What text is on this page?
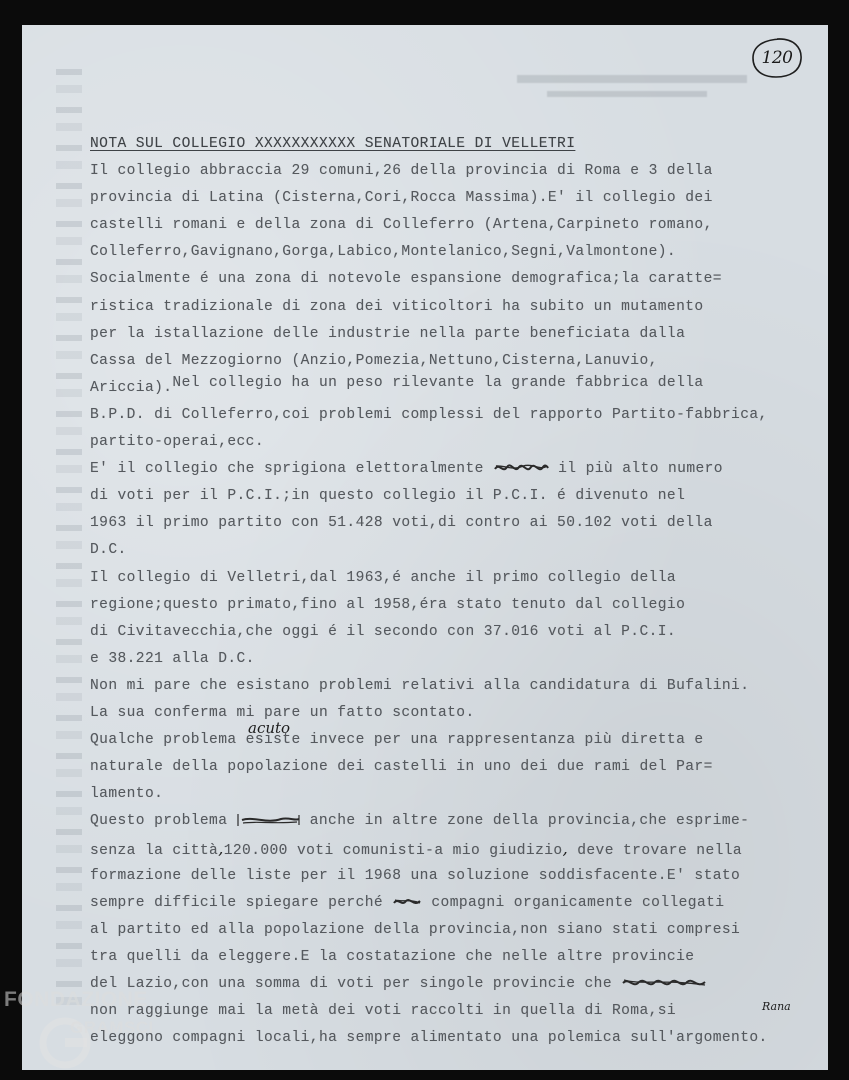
120
acuto
Rana
NOTA SUL COLLEGIO XXXXXXXXXXX SENATORIALE DI VELLETRI
Il collegio abbraccia 29 comuni,26 della provincia di Roma e 3 della
provincia di Latina (Cisterna,Cori,Rocca Massima).E' il collegio dei
castelli romani e della zona di Colleferro (Artena,Carpineto romano,
Colleferro,Gavignano,Gorga,Labico,Montelanico,Segni,Valmontone).
Socialmente é una zona di notevole espansione demografica;la caratte=
ristica tradizionale di zona dei viticoltori ha subito un mutamento
per la istallazione delle industrie nella parte beneficiata dalla
Cassa del Mezzogiorno (Anzio,Pomezia,Nettuno,Cisterna,Lanuvio,
Ariccia).Nel collegio ha un peso rilevante la grande fabbrica della
B.P.D. di Colleferro,coi problemi complessi del rapporto Partito-fabbrica,
partito-operai,ecc.
E' il collegio che sprigiona elettoralmente	il più alto numero
di voti per il P.C.I.;in questo collegio il P.C.I. é divenuto nel
1963 il primo partito con 51.428 voti,di contro ai 50.102 voti della
D.C.
Il collegio di Velletri,dal 1963,é anche il primo collegio della
regione;questo primato,fino al 1958,éra stato tenuto dal collegio
di Civitavecchia,che oggi é il secondo con 37.016 voti al P.C.I.
e 38.221 alla D.C.
Non mi pare che esistano problemi relativi alla candidatura di Bufalini.
La sua conferma mi pare un fatto scontato.
Qualche problema esiste invece per una rappresentanza più diretta e
naturale della popolazione dei castelli in uno dei due rami del Par=
lamento.
Questo problema	anche in altre zone della provincia,che esprime-
senza la città,120.000 voti comunisti-a mio giudizio, deve trovare nella
formazione delle liste per il 1968 una soluzione soddisfacente.E' stato
sempre difficile spiegare perché	compagni organicamente collegati
al partito ed alla popolazione della provincia,non siano stati compresi
tra quelli da eleggere.E la costatazione che nelle altre provincie
del Lazio,con una somma di voti per singole provincie che
non raggiunge mai la metà dei voti raccolti in quella di Roma,si
eleggono compagni locali,ha sempre alimentato una polemica sull'argomento.
FONDAZIONE
GRAMSCI
